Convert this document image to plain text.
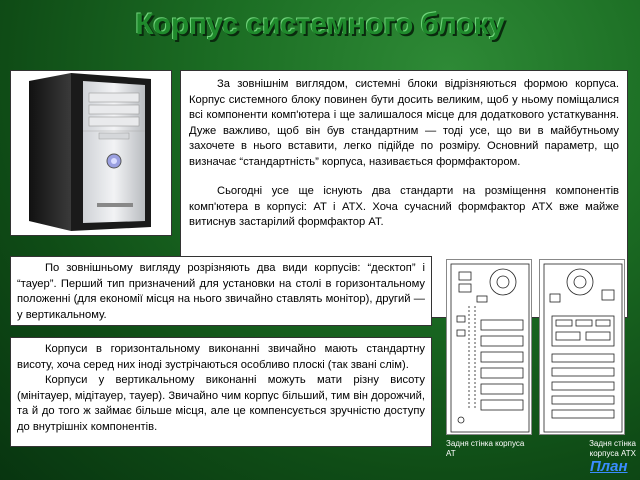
Корпус системного блоку

За зовнішнім виглядом, системні блоки відрізняються формою корпуса. Корпус системного блоку повинен бути досить великим, щоб у ньому поміщалися всі компоненти комп'ютера і ще залишалося місце для додаткового устаткування. Дуже важливо, щоб він був стандартним — тоді усе, що ви в майбутньому захочете в нього вставити, легко підійде по розміру. Основний параметр, що визначає “стандартність” корпуса, називається формфактором.

Сьогодні усе ще існують два стандарти на розміщення компонентів комп'ютера в корпусі: AT і ATX. Хоча сучасний формфактор ATX вже майже витиснув застарілий формфактор AT.

По зовнішньому вигляду розрізняють два види корпусів: “десктоп” і “тауер”. Перший тип призначений для установки на столі в горизонтальному положенні (для економії місця на нього звичайно ставлять монітор), другий — у вертикальному.

Корпуси в горизонтальному виконанні звичайно мають стандартну висоту, хоча серед них іноді зустрічаються особливо плоскі (так звані слім).

Корпуси у вертикальному виконанні можуть мати різну висоту (мінітауер, мідітауер, тауер). Звичайно чим корпус більший, тим він дорожчий, та й до того ж займає більше місця, але це компенсується зручністю доступу до внутрішніх компонентів.

Задня стінка корпуса AT
Задня стінка корпуса ATX
План
